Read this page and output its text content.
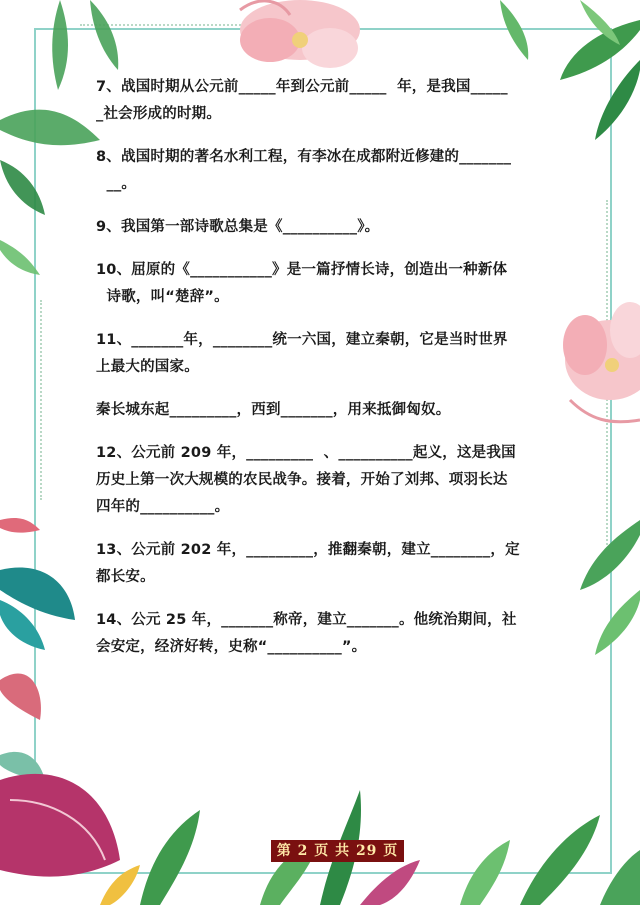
7、战国时期从公元前_____年到公元前_____  年，是我国_____
_社会形成的时期。
8、战国时期的著名水利工程，有李冰在成都附近修建的_______
__。
9、我国第一部诗歌总集是《__________》。
10、屈原的《___________》是一篇抒情长诗，创造出一种新体
诗歌，叫“楚辞”。
11、_______年，________统一六国，建立秦朝，它是当时世界
上最大的国家。
秦长城东起_________，西到_______，用来抵御匈奴。
12、公元前 209 年，_________  、__________起义，这是我国
历史上第一次大规模的农民战争。接着，开始了刘邦、项羽长达
四年的__________。
13、公元前 202 年，_________，推翻秦朝，建立________，定
都长安。
14、公元 25 年，_______称帝，建立_______。他统治期间，社
会安定，经济好转，史称“__________”。
第 2 页 共 29 页
